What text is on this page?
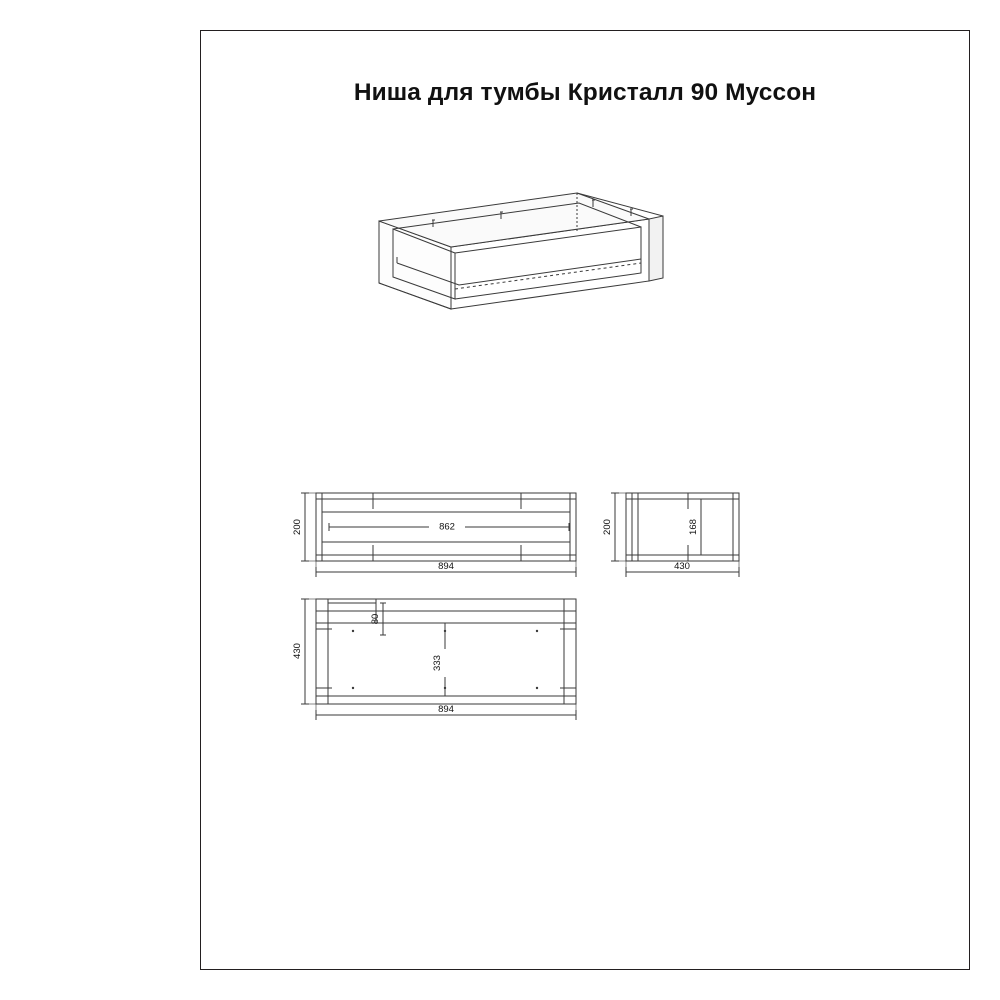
Ниша для тумбы Кристалл 90 Муссон
862
894
200	168
430
200
80
333
894
430
